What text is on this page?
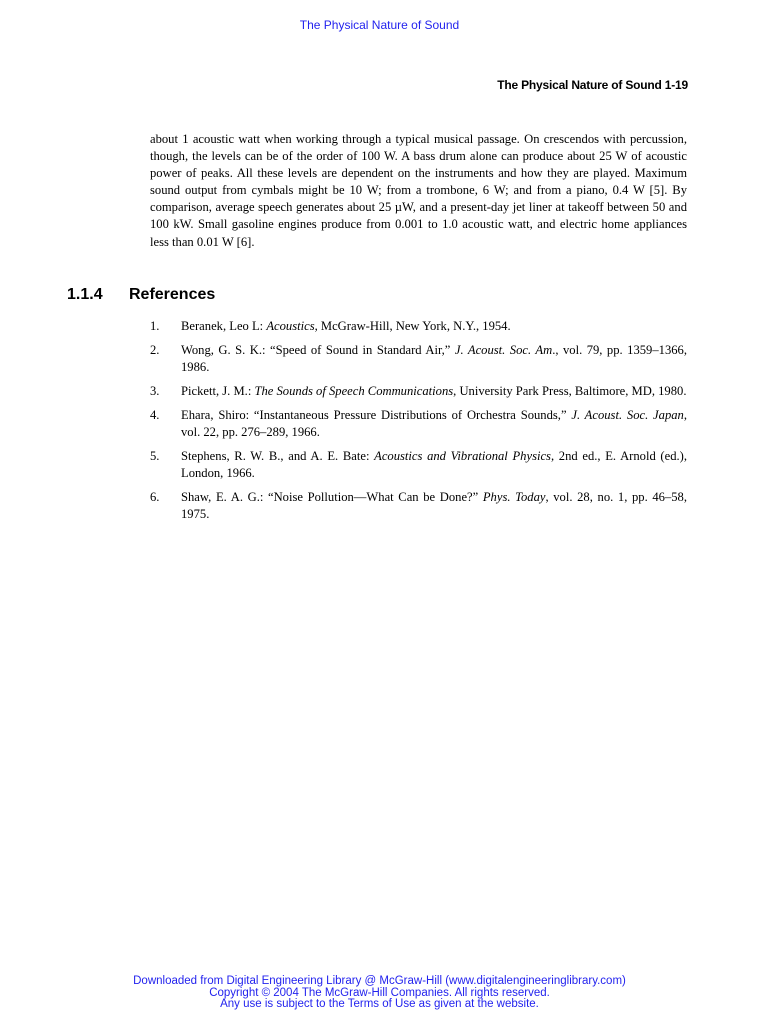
The Physical Nature of Sound
The Physical Nature of Sound 1-19

about 1 acoustic watt when working through a typical musical passage. On crescendos with percussion, though, the levels can be of the order of 100 W. A bass drum alone can produce about 25 W of acoustic power of peaks. All these levels are dependent on the instruments and how they are played. Maximum sound output from cymbals might be 10 W; from a trombone, 6 W; and from a piano, 0.4 W [5]. By comparison, average speech generates about 25 µW, and a present-day jet liner at takeoff between 50 and 100 kW. Small gasoline engines produce from 0.001 to 1.0 acoustic watt, and electric home appliances less than 0.01 W [6].

1.1.4 References
1. Beranek, Leo L: Acoustics, McGraw-Hill, New York, N.Y., 1954.
2. Wong, G. S. K.: “Speed of Sound in Standard Air,” J. Acoust. Soc. Am., vol. 79, pp. 1359–1366, 1986.
3. Pickett, J. M.: The Sounds of Speech Communications, University Park Press, Baltimore, MD, 1980.
4. Ehara, Shiro: “Instantaneous Pressure Distributions of Orchestra Sounds,” J. Acoust. Soc. Japan, vol. 22, pp. 276–289, 1966.
5. Stephens, R. W. B., and A. E. Bate: Acoustics and Vibrational Physics, 2nd ed., E. Arnold (ed.), London, 1966.
6. Shaw, E. A. G.: “Noise Pollution—What Can be Done?” Phys. Today, vol. 28, no. 1, pp. 46–58, 1975.
Downloaded from Digital Engineering Library @ McGraw-Hill (www.digitalengineeringlibrary.com)
Copyright © 2004 The McGraw-Hill Companies. All rights reserved.
Any use is subject to the Terms of Use as given at the website.
